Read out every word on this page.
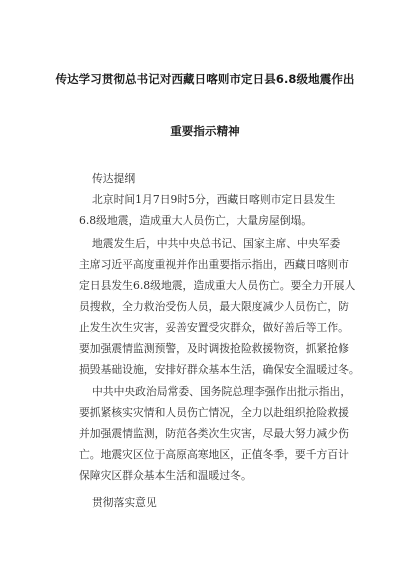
传达学习贯彻总书记对西藏日喀则市定日县6.8级地震作出
重要指示精神
传达提纲
北京时间1月7日9时5分，西藏日喀则市定日县发生
6.8级地震，造成重大人员伤亡，大量房屋倒塌。
地震发生后，中共中央总书记、国家主席、中央军委
主席习近平高度重视并作出重要指示指出，西藏日喀则市
定日县发生6.8级地震，造成重大人员伤亡。要全力开展人
员搜救，全力救治受伤人员，最大限度减少人员伤亡，防
止发生次生灾害，妥善安置受灾群众，做好善后等工作。
要加强震情监测预警，及时调拨抢险救援物资，抓紧抢修
损毁基础设施，安排好群众基本生活，确保安全温暖过冬。
中共中央政治局常委、国务院总理李强作出批示指出，
要抓紧核实灾情和人员伤亡情况，全力以赴组织抢险救援
并加强震情监测，防范各类次生灾害，尽最大努力减少伤
亡。地震灾区位于高原高寒地区，正值冬季，要千方百计
保障灾区群众基本生活和温暖过冬。
贯彻落实意见
